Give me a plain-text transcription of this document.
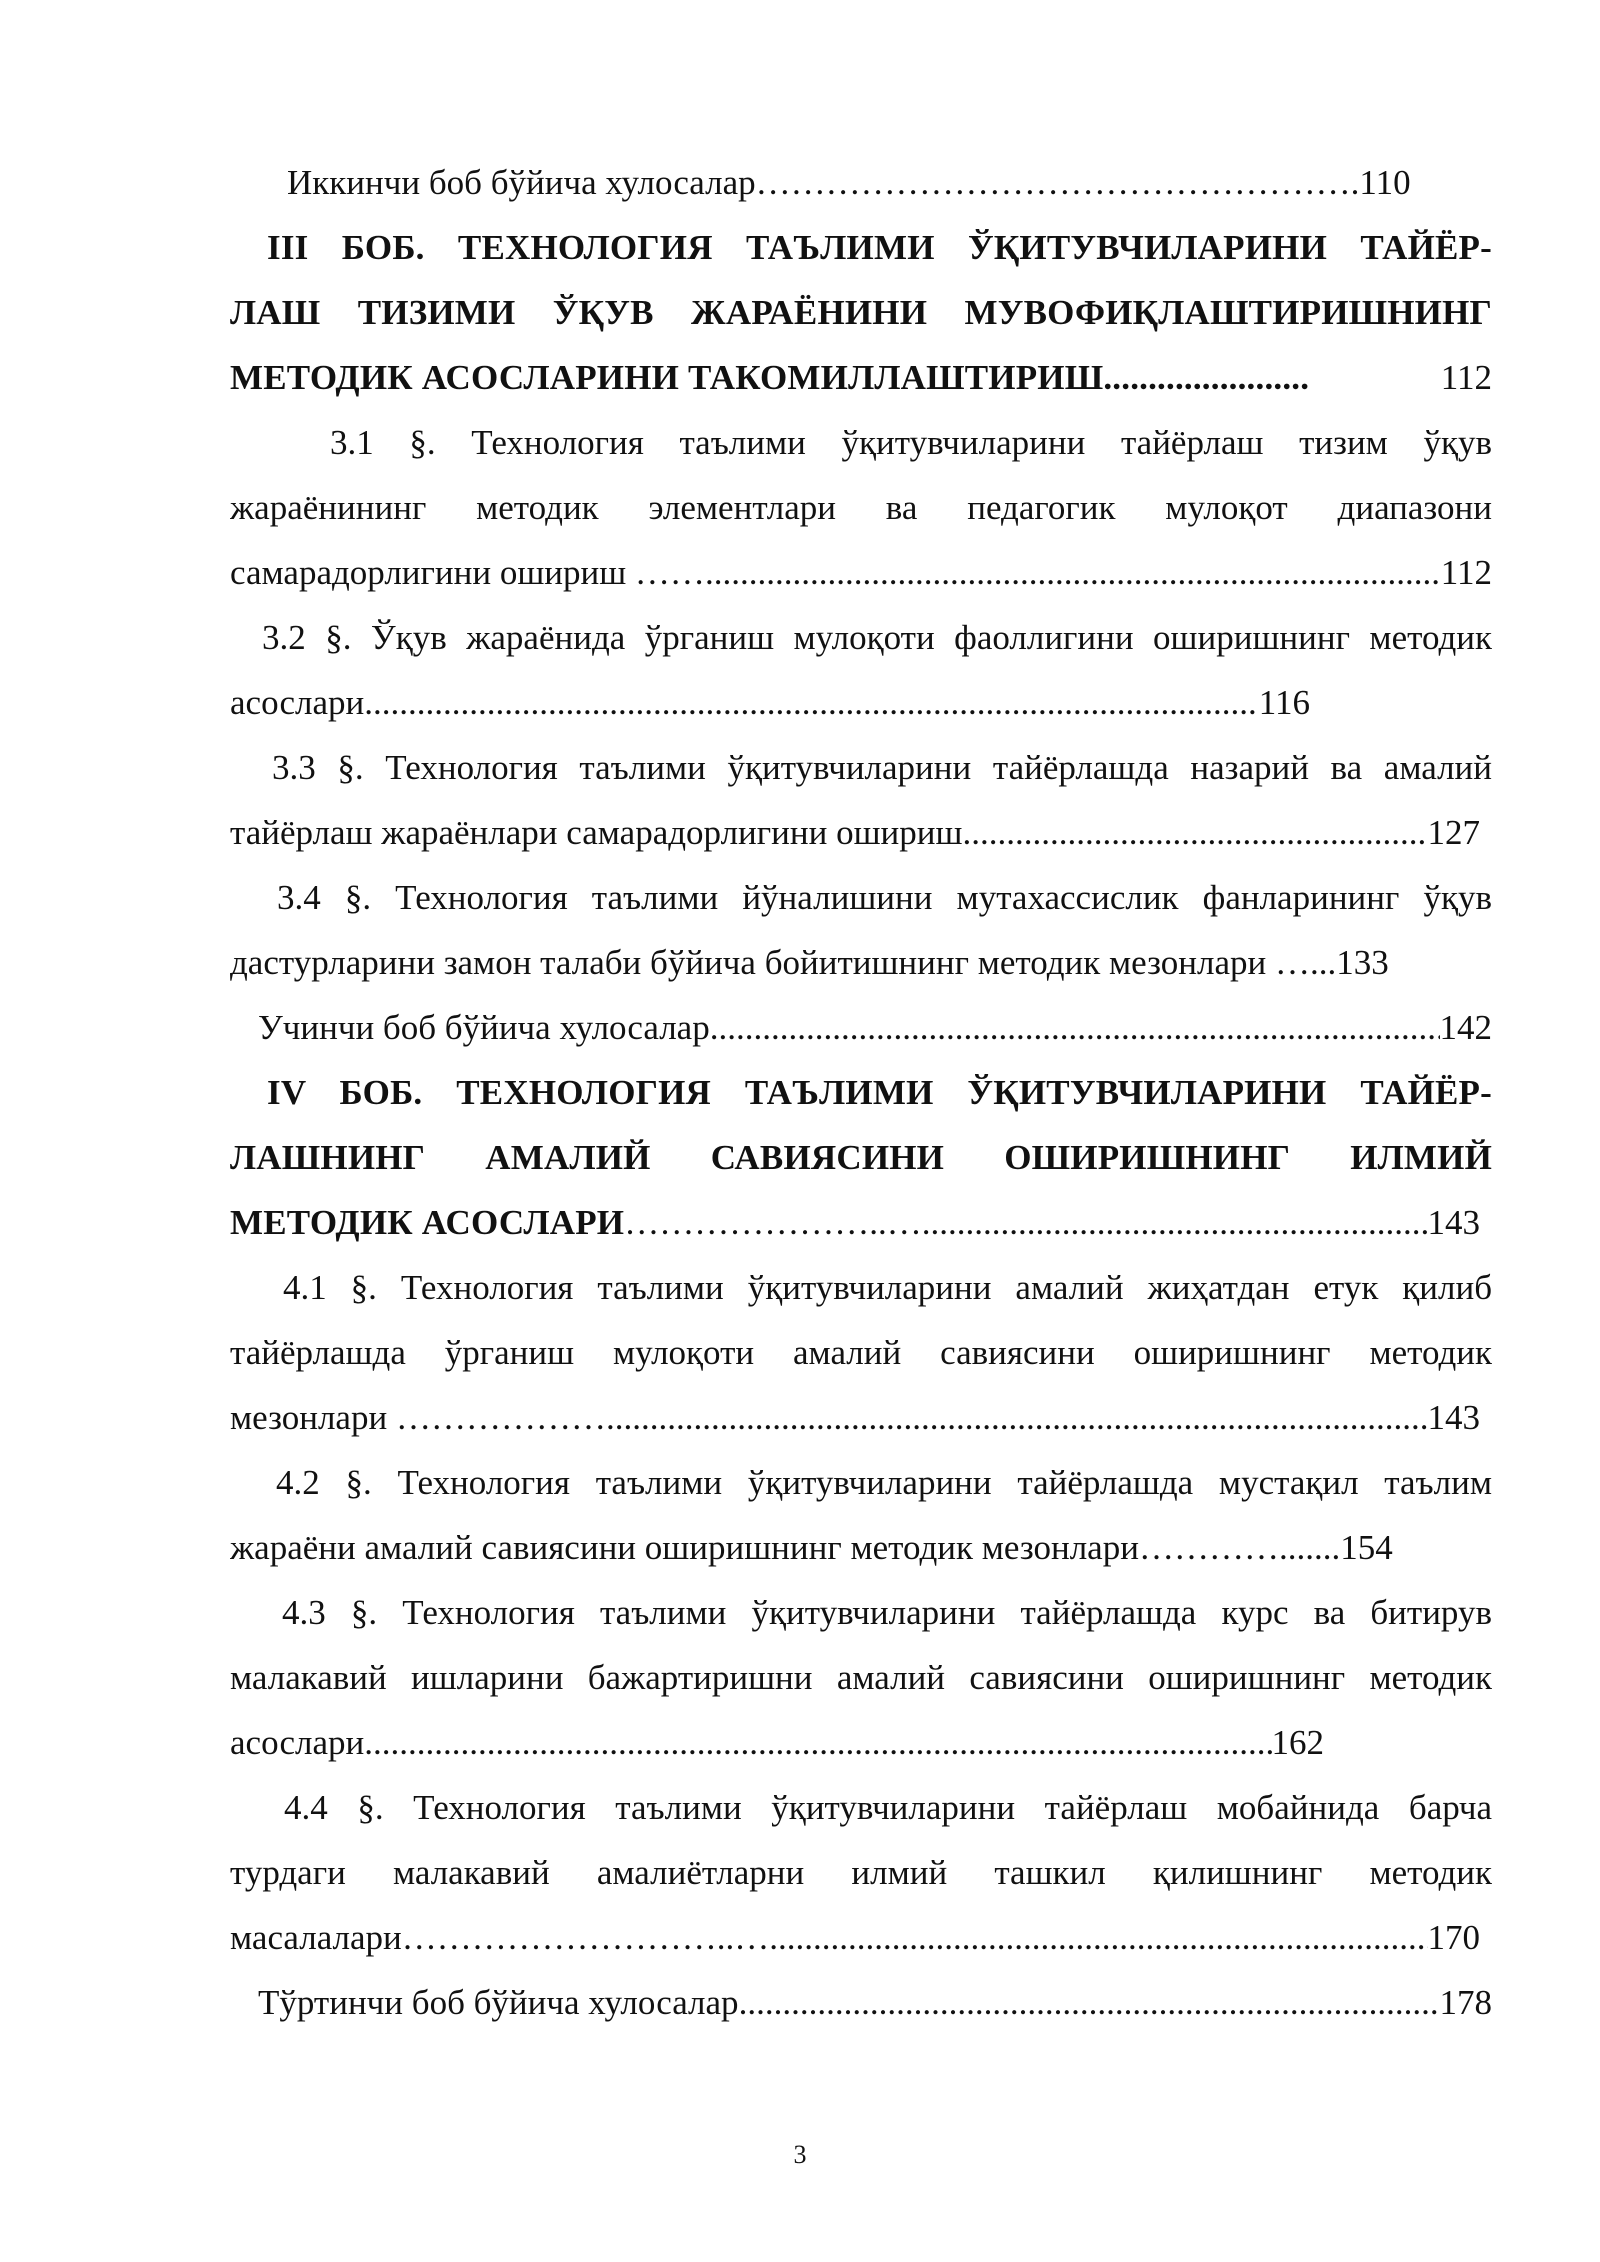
Иккинчи боб бўйича хулосалар…………………………………………….110
III БОБ. ТЕХНОЛОГИЯ ТАЪЛИМИ ЎҚИТУВЧИЛАРИНИ ТАЙЁР-
ЛАШ ТИЗИМИ ЎҚУВ ЖАРАЁНИНИ МУВОФИҚЛАШТИРИШНИНГ
МЕТОДИК АСОСЛАРИНИ ТАКОМИЛЛАШТИРИШ.......................	112
3.1 §. Технология таълими ўқитувчиларини тайёрлаш тизим ўқув
жараёнининг методик элементлари ва педагогик мулоқот диапазони
самарадорлигини ошириш …… .....	112
3.2 §. Ўқув жараёнида ўрганиш мулоқоти фаоллигини оширишнинг методик
асослари .....	116
3.3 §. Технология таълими ўқитувчиларини тайёрлашда назарий ва амалий
тайёрлаш жараёнлари самарадорлигини ошириш .....	127
3.4 §. Технология таълими йўналишини мутахассислик фанларининг ўқув
дастурларини замон талаби бўйича бойитишнинг методик мезонлари …...133
Учинчи боб бўйича хулосалар .....	142
IV БОБ. ТЕХНОЛОГИЯ ТАЪЛИМИ ЎҚИТУВЧИЛАРИНИ ТАЙЁР-
ЛАШНИНГ АМАЛИЙ САВИЯСИНИ ОШИРИШНИНГ ИЛМИЙ
МЕТОДИК АСОСЛАРИ …………………..… .....	143
4.1 §. Технология таълими ўқитувчиларини амалий жиҳатдан етук қилиб
тайёрлашда ўрганиш мулоқоти амалий савиясини оширишнинг методик
мезонлари ……………… .....	143
4.2 §. Технология таълими ўқитувчиларини тайёрлашда мустақил таълим
жараёни амалий савиясини оширишнинг методик мезонлари………….......154
4.3 §. Технология таълими ўқитувчиларини тайёрлашда курс ва битирув
малакавий ишларини бажартиришни амалий савиясини оширишнинг методик
асослари .....	162
4.4 §. Технология таълими ўқитувчиларини тайёрлаш мобайнида барча
турдаги малакавий амалиётларни илмий ташкил қилишнинг методик
масалалари………………………..… .....	170
Тўртинчи боб бўйича хулосалар .....	178
3
